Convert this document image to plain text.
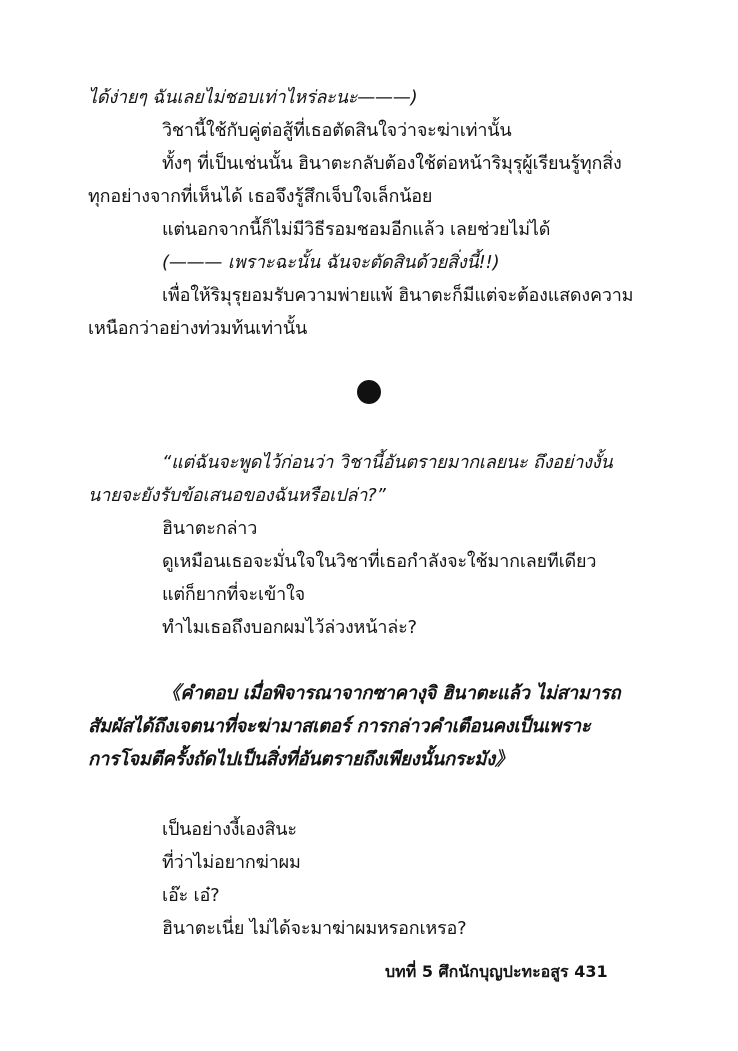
ได้ง่ายๆ ฉันเลยไม่ชอบเท่าไหร่ละนะ———)
วิชานี้ใช้กับคู่ต่อสู้ที่เธอตัดสินใจว่าจะฆ่าเท่านั้น
ทั้งๆ ที่เป็นเช่นนั้น ฮินาตะกลับต้องใช้ต่อหน้าริมุรุผู้เรียนรู้ทุกสิ่ง
ทุกอย่างจากที่เห็นได้ เธอจึงรู้สึกเจ็บใจเล็กน้อย
แต่นอกจากนี้ก็ไม่มีวิธีรอมชอมอีกแล้ว เลยช่วยไม่ได้
(——— เพราะฉะนั้น ฉันจะตัดสินด้วยสิ่งนี้!!)
เพื่อให้ริมุรุยอมรับความพ่ายแพ้ ฮินาตะก็มีแต่จะต้องแสดงความ
เหนือกว่าอย่างท่วมท้นเท่านั้น
“แต่ฉันจะพูดไว้ก่อนว่า วิชานี้อันตรายมากเลยนะ ถึงอย่างงั้น
นายจะยังรับข้อเสนอของฉันหรือเปล่า?”
ฮินาตะกล่าว
ดูเหมือนเธอจะมั่นใจในวิชาที่เธอกำลังจะใช้มากเลยทีเดียว
แต่ก็ยากที่จะเข้าใจ
ทำไมเธอถึงบอกผมไว้ล่วงหน้าล่ะ?
《คำตอบ เมื่อพิจารณาจากซาคางุจิ ฮินาตะแล้ว ไม่สามารถ
สัมผัสได้ถึงเจตนาที่จะฆ่ามาสเตอร์ การกล่าวคำเตือนคงเป็นเพราะ
การโจมตีครั้งถัดไปเป็นสิ่งที่อันตรายถึงเพียงนั้นกระมัง》
เป็นอย่างงี้เองสินะ
ที่ว่าไม่อยากฆ่าผม
เอ๊ะ เอ๋?
ฮินาตะเนี่ย ไม่ได้จะมาฆ่าผมหรอกเหรอ?
บทที่ 5 ศึกนักบุญปะทะอสูร 431
